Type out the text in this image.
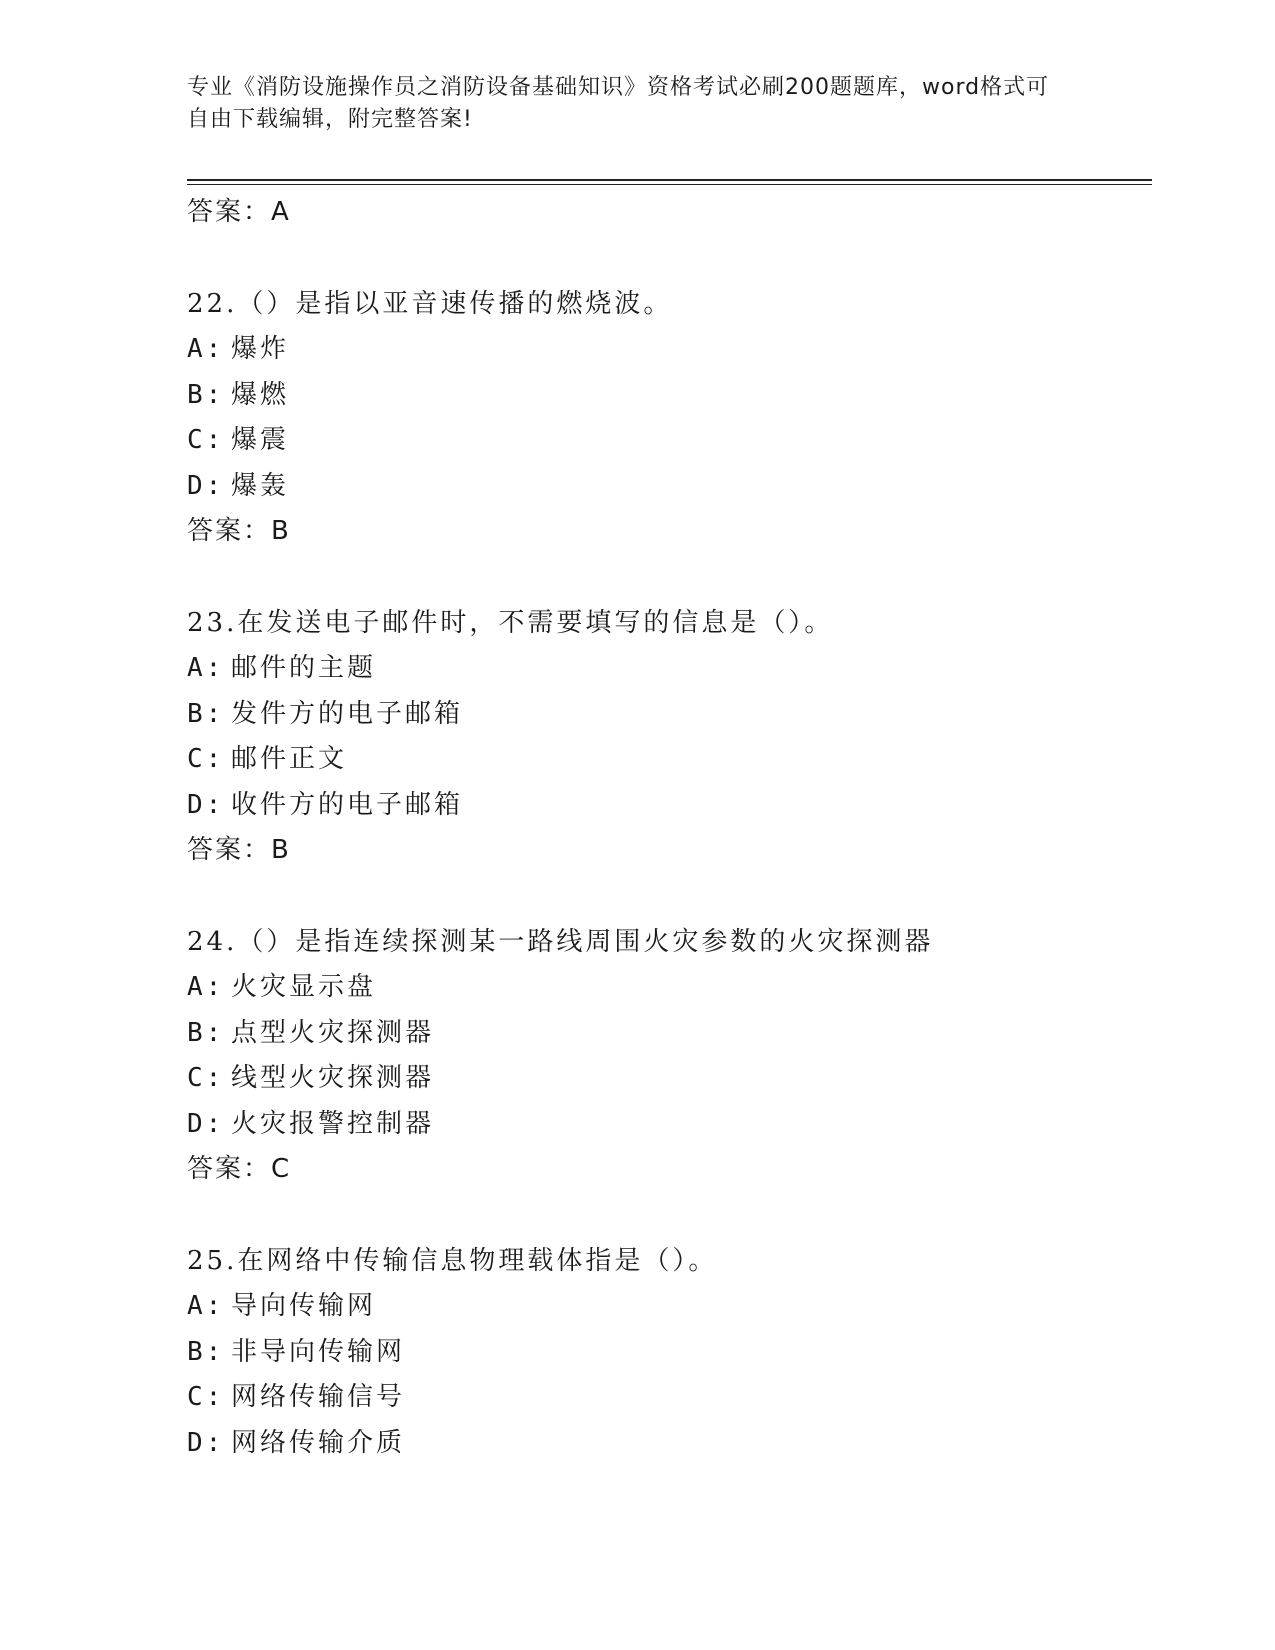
专业《消防设施操作员之消防设备基础知识》资格考试必刷200题题库，word格式可自由下载编辑，附完整答案!
答案：A
22.（）是指以亚音速传播的燃烧波。
A: 爆炸
B: 爆燃
C: 爆震
D: 爆轰
答案：B
23.在发送电子邮件时，不需要填写的信息是（）。
A: 邮件的主题
B: 发件方的电子邮箱
C: 邮件正文
D: 收件方的电子邮箱
答案：B
24.（）是指连续探测某一路线周围火灾参数的火灾探测器
A: 火灾显示盘
B: 点型火灾探测器
C: 线型火灾探测器
D: 火灾报警控制器
答案：C
25.在网络中传输信息物理载体指是（）。
A: 导向传输网
B: 非导向传输网
C: 网络传输信号
D: 网络传输介质
